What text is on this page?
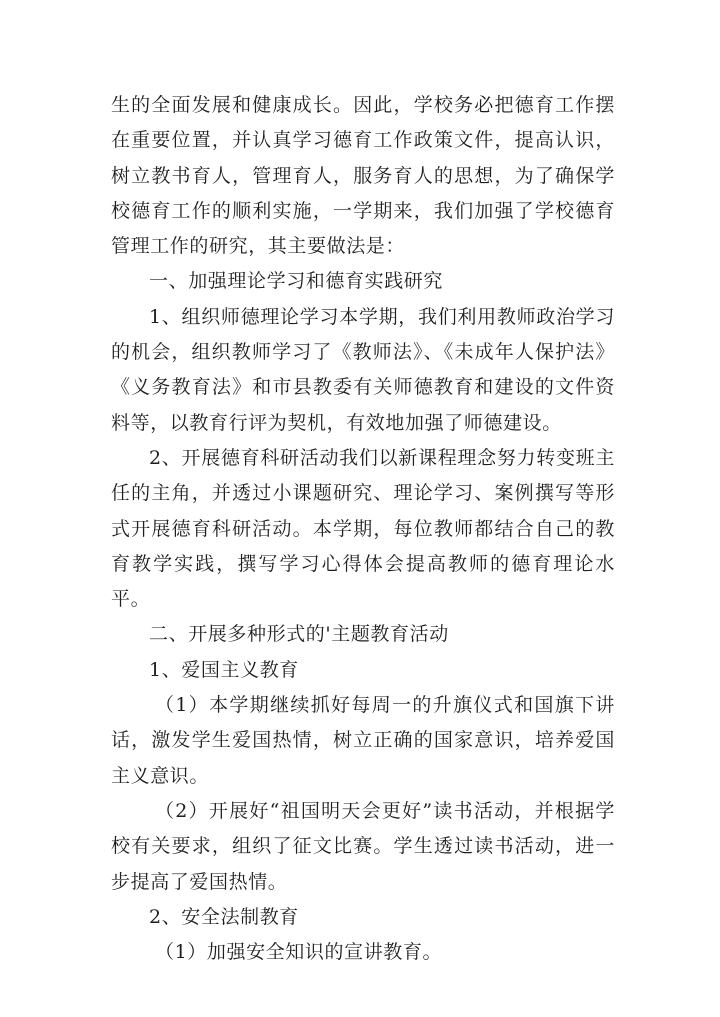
生的全面发展和健康成长。因此，学校务必把德育工作摆在重要位置，并认真学习德育工作政策文件，提高认识，树立教书育人，管理育人，服务育人的思想，为了确保学校德育工作的顺利实施，一学期来，我们加强了学校德育管理工作的研究，其主要做法是：

一、加强理论学习和德育实践研究

1、组织师德理论学习本学期，我们利用教师政治学习的机会，组织教师学习了《教师法》、《未成年人保护法》《义务教育法》和市县教委有关师德教育和建设的文件资料等，以教育行评为契机，有效地加强了师德建设。

2、开展德育科研活动我们以新课程理念努力转变班主任的主角，并透过小课题研究、理论学习、案例撰写等形式开展德育科研活动。本学期，每位教师都结合自己的教育教学实践，撰写学习心得体会提高教师的德育理论水平。

二、开展多种形式的'主题教育活动

1、爱国主义教育

（1）本学期继续抓好每周一的升旗仪式和国旗下讲话，激发学生爱国热情，树立正确的国家意识，培养爱国主义意识。

（2）开展好“祖国明天会更好”读书活动，并根据学校有关要求，组织了征文比赛。学生透过读书活动，进一步提高了爱国热情。

2、安全法制教育

（1）加强安全知识的宣讲教育。
